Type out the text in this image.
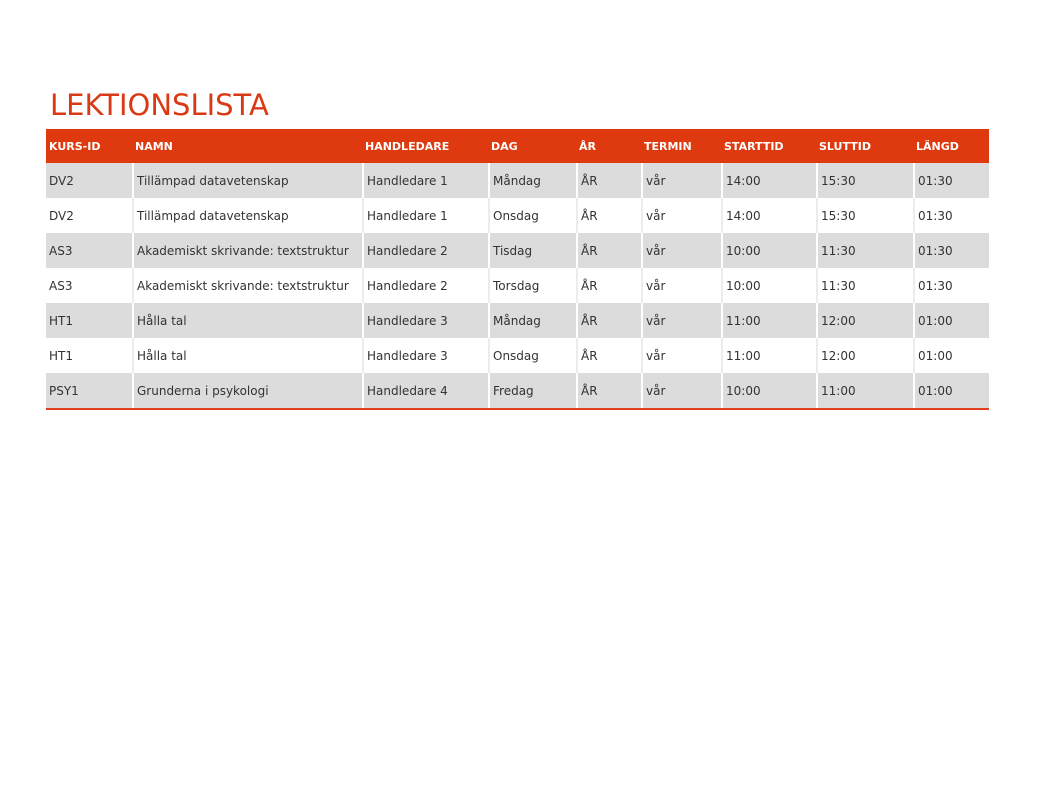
LEKTIONSLISTA
KURS-ID	NAMN	HANDLEDARE	DAG	ÅR	TERMIN	STARTTID	SLUTTID	LÄNGD
DV2	Tillämpad datavetenskap	Handledare 1	Måndag	ÅR	vår	14:00	15:30	01:30
DV2	Tillämpad datavetenskap	Handledare 1	Onsdag	ÅR	vår	14:00	15:30	01:30
AS3	Akademiskt skrivande: textstruktur	Handledare 2	Tisdag	ÅR	vår	10:00	11:30	01:30
AS3	Akademiskt skrivande: textstruktur	Handledare 2	Torsdag	ÅR	vår	10:00	11:30	01:30
HT1	Hålla tal	Handledare 3	Måndag	ÅR	vår	11:00	12:00	01:00
HT1	Hålla tal	Handledare 3	Onsdag	ÅR	vår	11:00	12:00	01:00
PSY1	Grunderna i psykologi	Handledare 4	Fredag	ÅR	vår	10:00	11:00	01:00
